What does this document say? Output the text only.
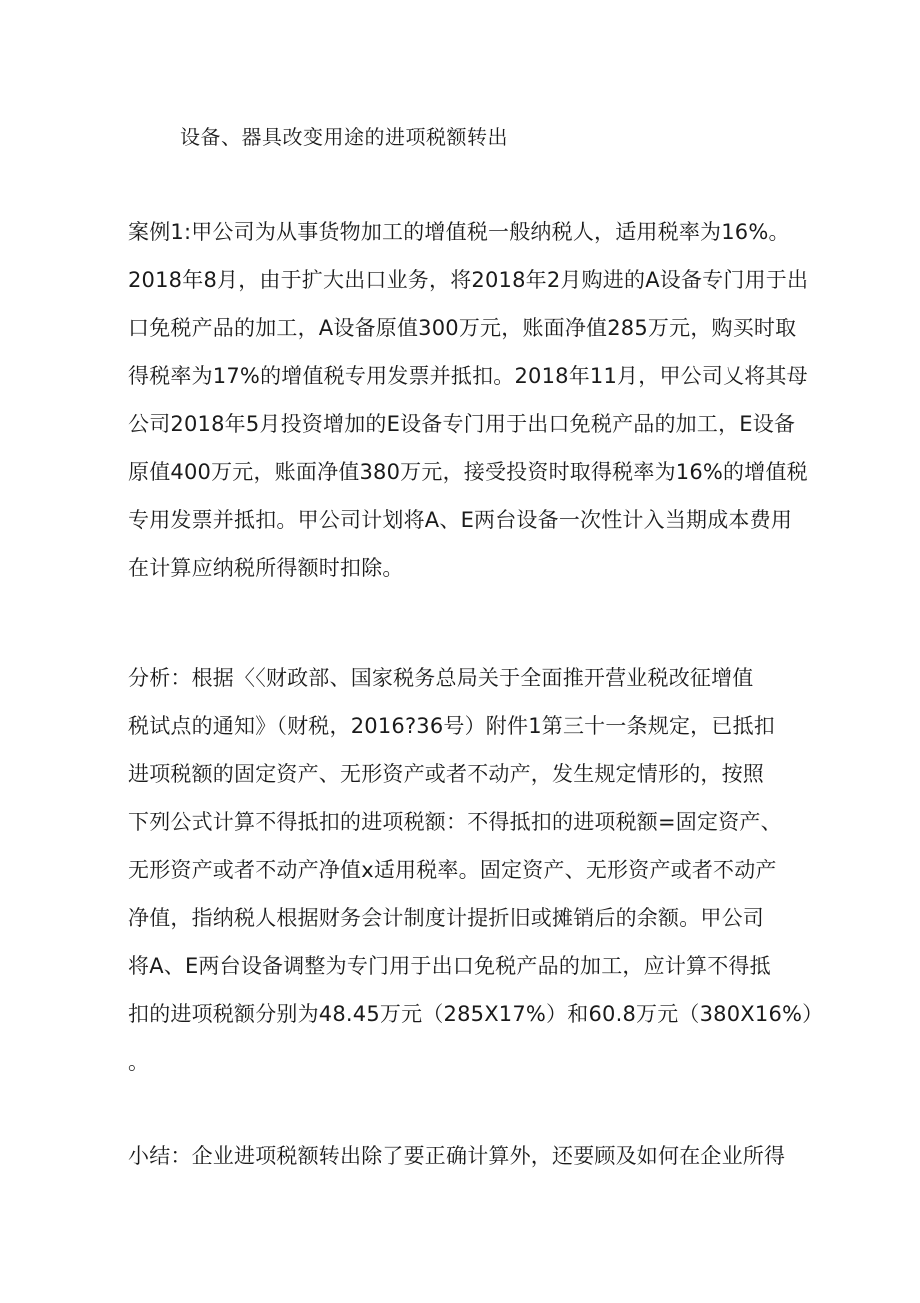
设备、器具改变用途的进项税额转出
案例1:甲公司为从事货物加工的增值税一般纳税人，适用税率为16%。
2018年8月，由于扩大出口业务，将2018年2月购进的A设备专门用于出
口免税产品的加工，A设备原值300万元，账面净值285万元，购买时取
得税率为17%的增值税专用发票并抵扣。2018年11月，甲公司乂将其母
公司2018年5月投资增加的E设备专门用于出口免税产品的加工，E设备
原值400万元，账面净值380万元，接受投资时取得税率为16%的增值税
专用发票并抵扣。甲公司计划将A、E两台设备一次性计入当期成本费用
在计算应纳税所得额时扣除。
分析：根据〈〈财政部、国家税务总局关于全面推开营业税改征增值
税试点的通知》（财税，2016?36号）附件1第三十一条规定，已抵扣
进项税额的固定资产、无形资产或者不动产，发生规定情形的，按照
下列公式计算不得抵扣的进项税额：不得抵扣的进项税额=固定资产、
无形资产或者不动产净值x适用税率。固定资产、无形资产或者不动产
净值，指纳税人根据财务会计制度计提折旧或摊销后的余额。甲公司
将A、E两台设备调整为专门用于出口免税产品的加工，应计算不得抵
扣的进项税额分别为48.45万元（285X17%）和60.8万元（380X16%）
。
小结：企业进项税额转出除了要正确计算外，还要顾及如何在企业所得
